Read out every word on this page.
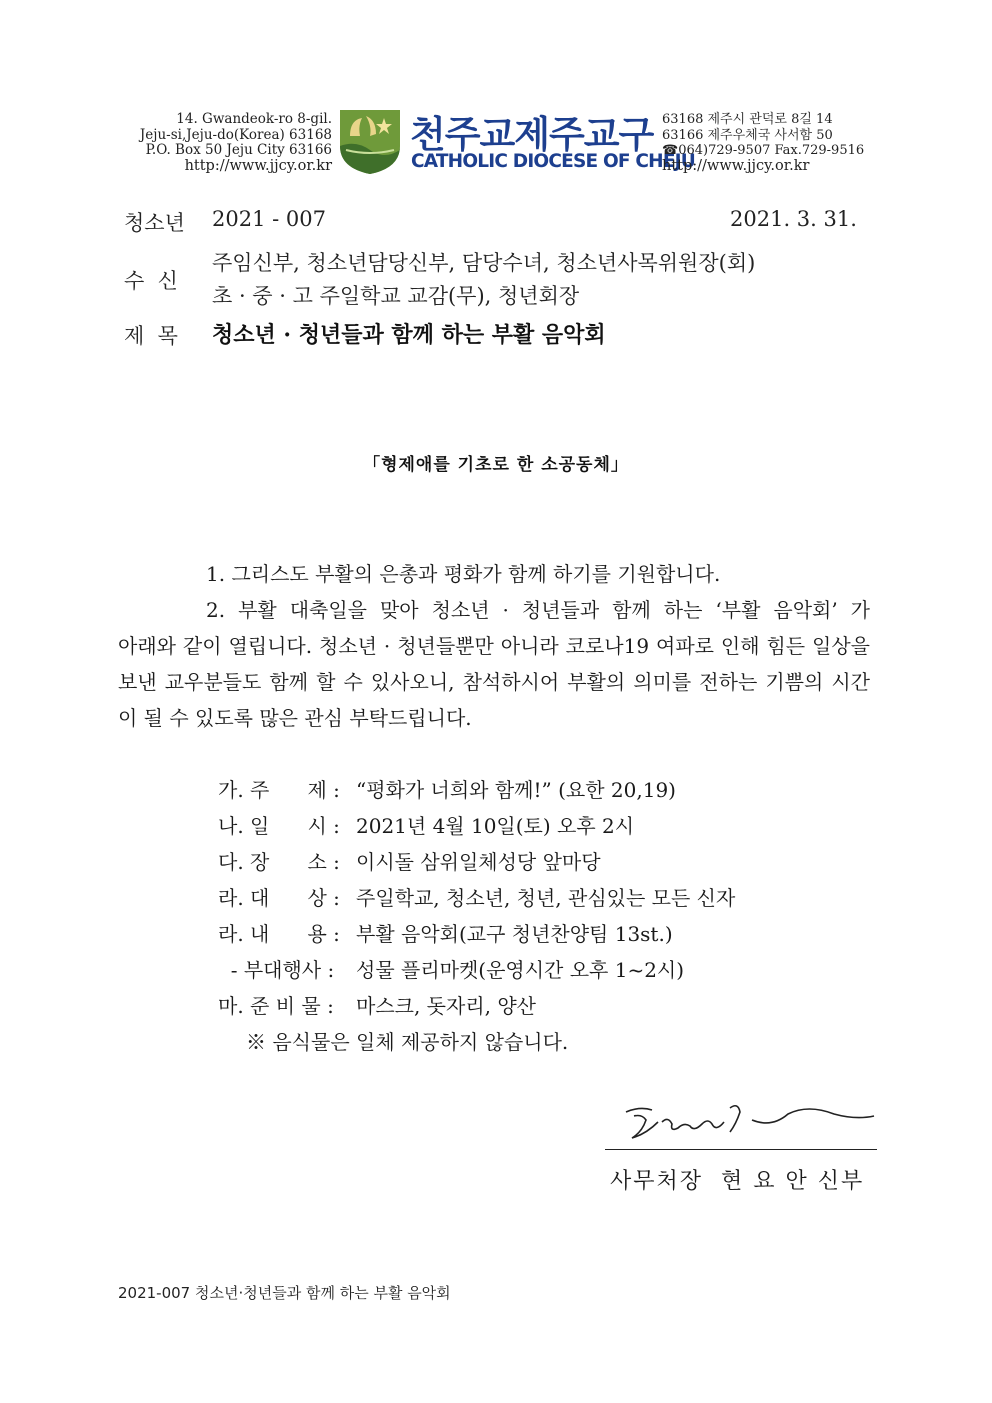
14. Gwandeok-ro 8-gil.
Jeju-si,Jeju-do(Korea) 63168
P.O. Box 50 Jeju City 63166
http://www.jjcy.or.kr
천주교제주교구
CATHOLIC DIOCESE OF CHEJU
63168 제주시 관덕로 8길 14
63166 제주우체국 사서함 50
☎064)729-9507 Fax.729-9516
http://www.jjcy.or.kr
청소년 2021 - 007	2021. 3. 31.
수  신
주임신부, 청소년담당신부, 담당수녀, 청소년사목위원장(회)
초 · 중 · 고 주일학교 교감(무), 청년회장
제  목 청소년 · 청년들과 함께 하는 부활 음악회
「형제애를 기초로 한 소공동체」

1. 그리스도 부활의 은총과 평화가 함께 하기를 기원합니다.

2. 부활 대축일을 맞아 청소년 · 청년들과 함께 하는 ‘부활 음악회’ 가

아래와 같이 열립니다. 청소년 · 청년들뿐만 아니라 코로나19 여파로 인해 힘든 일상을 보낸 교우분들도 함께 할 수 있사오니, 참석하시어 부활의 의미를 전하는 기쁨의 시간이 될 수 있도록 많은 관심 부탁드립니다.

가. 주      제 : “평화가 너희와 함께!” (요한 20,19)
나. 일      시 : 2021년 4월 10일(토) 오후 2시
다. 장      소 : 이시돌 삼위일체성당 앞마당
라. 대      상 : 주일학교, 청소년, 청년, 관심있는 모든 신자
라. 내      용 : 부활 음악회(교구 청년찬양팀 13st.)
- 부대행사 : 성물 플리마켓(운영시간 오후 1~2시)
마. 준 비 물 : 마스크, 돗자리, 양산
※ 음식물은 일체 제공하지 않습니다.
사무처장  현 요 안 신부
2021-007 청소년·청년들과 함께 하는 부활 음악회
